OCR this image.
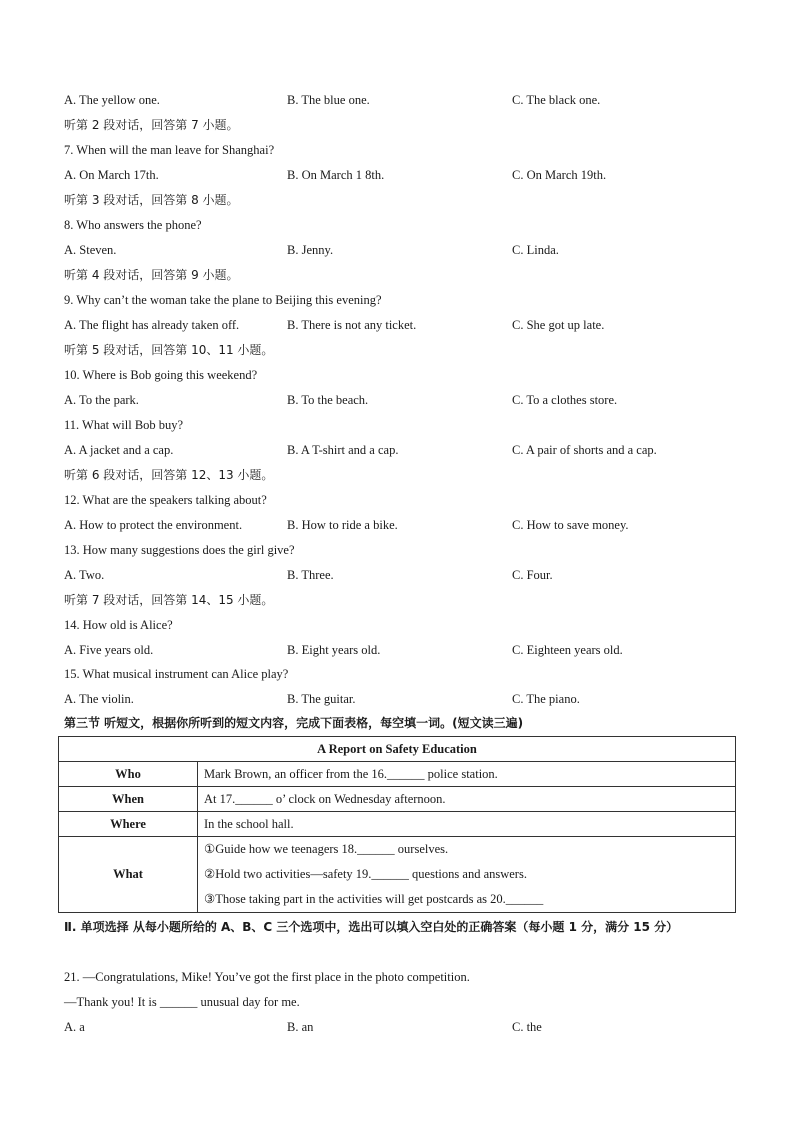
A. The yellow one.	B. The blue one.	C. The black one.
听第 2 段对话，回答第 7 小题。
7. When will the man leave for Shanghai?
A. On March 17th.	B. On March 1 8th.	C. On March 19th.
听第 3 段对话，回答第 8 小题。
8. Who answers the phone?
A. Steven.	B. Jenny.	C. Linda.
听第 4 段对话，回答第 9 小题。
9. Why can’t the woman take the plane to Beijing this evening?
A. The flight has already taken off.	B. There is not any ticket.	C. She got up late.
听第 5 段对话，回答第 10、11 小题。
10. Where is Bob going this weekend?
A. To the park.	B. To the beach.	C. To a clothes store.
11. What will Bob buy?
A. A jacket and a cap.	B. A T-shirt and a cap.	C. A pair of shorts and a cap.
听第 6 段对话，回答第 12、13 小题。
12. What are the speakers talking about?
A. How to protect the environment.	B. How to ride a bike.	C. How to save money.
13. How many suggestions does the girl give?
A. Two.	B. Three.	C. Four.
听第 7 段对话，回答第 14、15 小题。
14. How old is Alice?
A. Five years old.	B. Eight years old.	C. Eighteen years old.
15. What musical instrument can Alice play?
A. The violin.	B. The guitar.	C. The piano.
第三节 听短文，根据你所听到的短文内容，完成下面表格，每空填一词。(短文读三遍)
A Report on Safety Education	
Who	Mark Brown, an officer from the 16.______ police station.
When	At 17.______ o’ clock on Wednesday afternoon.
Where	In the school hall.
What	①Guide how we teenagers 18.______ ourselves.
②Hold two activities—safety 19.______ questions and answers.
③Those taking part in the activities will get postcards as 20.______
Ⅱ. 单项选择 从每小题所给的 A、B、C 三个选项中，选出可以填入空白处的正确答案（每小题 1 分，满分 15 分）
21. —Congratulations, Mike! You’ve got the first place in the photo competition.
—Thank you! It is ______ unusual day for me.
A. a	B. an	C. the
